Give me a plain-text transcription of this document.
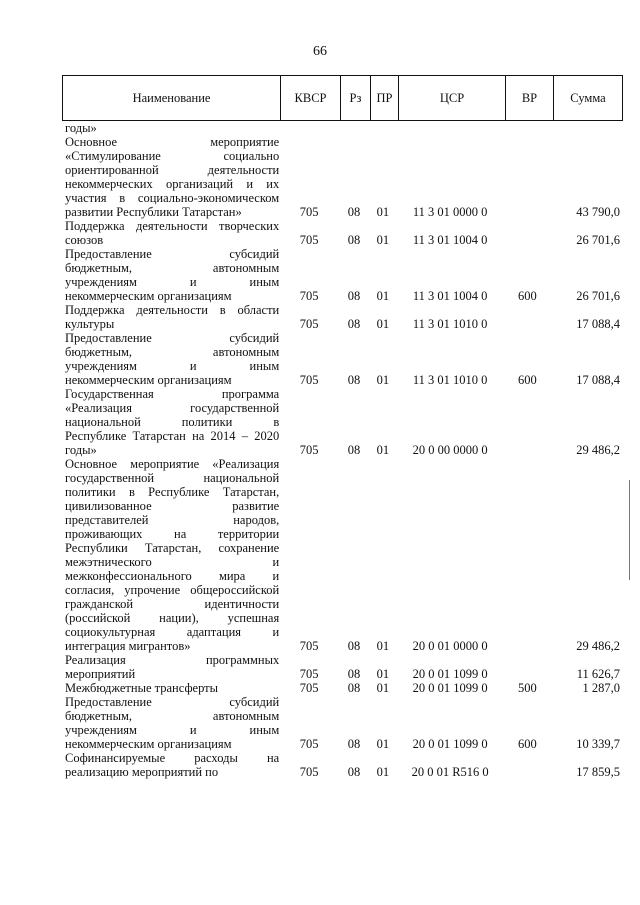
66
Наименование	КВСР	Рз	ПР	ЦСР	ВР	Сумма
годы»
Основное мероприятие
«Стимулирование социально
ориентированной деятельности
некоммерческих организаций и их
участия в социально-экономическом
развитии Республики Татарстан»	705	08	01	11 3 01 0000 0	43 790,0
Поддержка деятельности творческих
союзов	705	08	01	11 3 01 1004 0	26 701,6
Предоставление субсидий
бюджетным, автономным
учреждениям и иным
некоммерческим организациям	705	08	01	11 3 01 1004 0	600	26 701,6
Поддержка деятельности в области
культуры	705	08	01	11 3 01 1010 0	17 088,4
Предоставление субсидий
бюджетным, автономным
учреждениям и иным
некоммерческим организациям	705	08	01	11 3 01 1010 0	600	17 088,4
Государственная программа
«Реализация государственной
национальной политики в
Республике Татарстан на 2014 – 2020
годы»	705	08	01	20 0 00 0000 0	29 486,2
Основное мероприятие «Реализация
государственной национальной
политики в Республике Татарстан,
цивилизованное развитие
представителей народов,
проживающих на территории
Республики Татарстан, сохранение
межэтнического и
межконфессионального мира и
согласия, упрочение общероссийской
гражданской идентичности
(российской нации), успешная
социокультурная адаптация и
интеграция мигрантов»	705	08	01	20 0 01 0000 0	29 486,2
Реализация программных
мероприятий	705	08	01	20 0 01 1099 0	11 626,7
Межбюджетные трансферты	705	08	01	20 0 01 1099 0	500	1 287,0
Предоставление субсидий
бюджетным, автономным
учреждениям и иным
некоммерческим организациям	705	08	01	20 0 01 1099 0	600	10 339,7
Софинансируемые расходы на
реализацию мероприятий по	705	08	01	20 0 01 R516 0	17 859,5
